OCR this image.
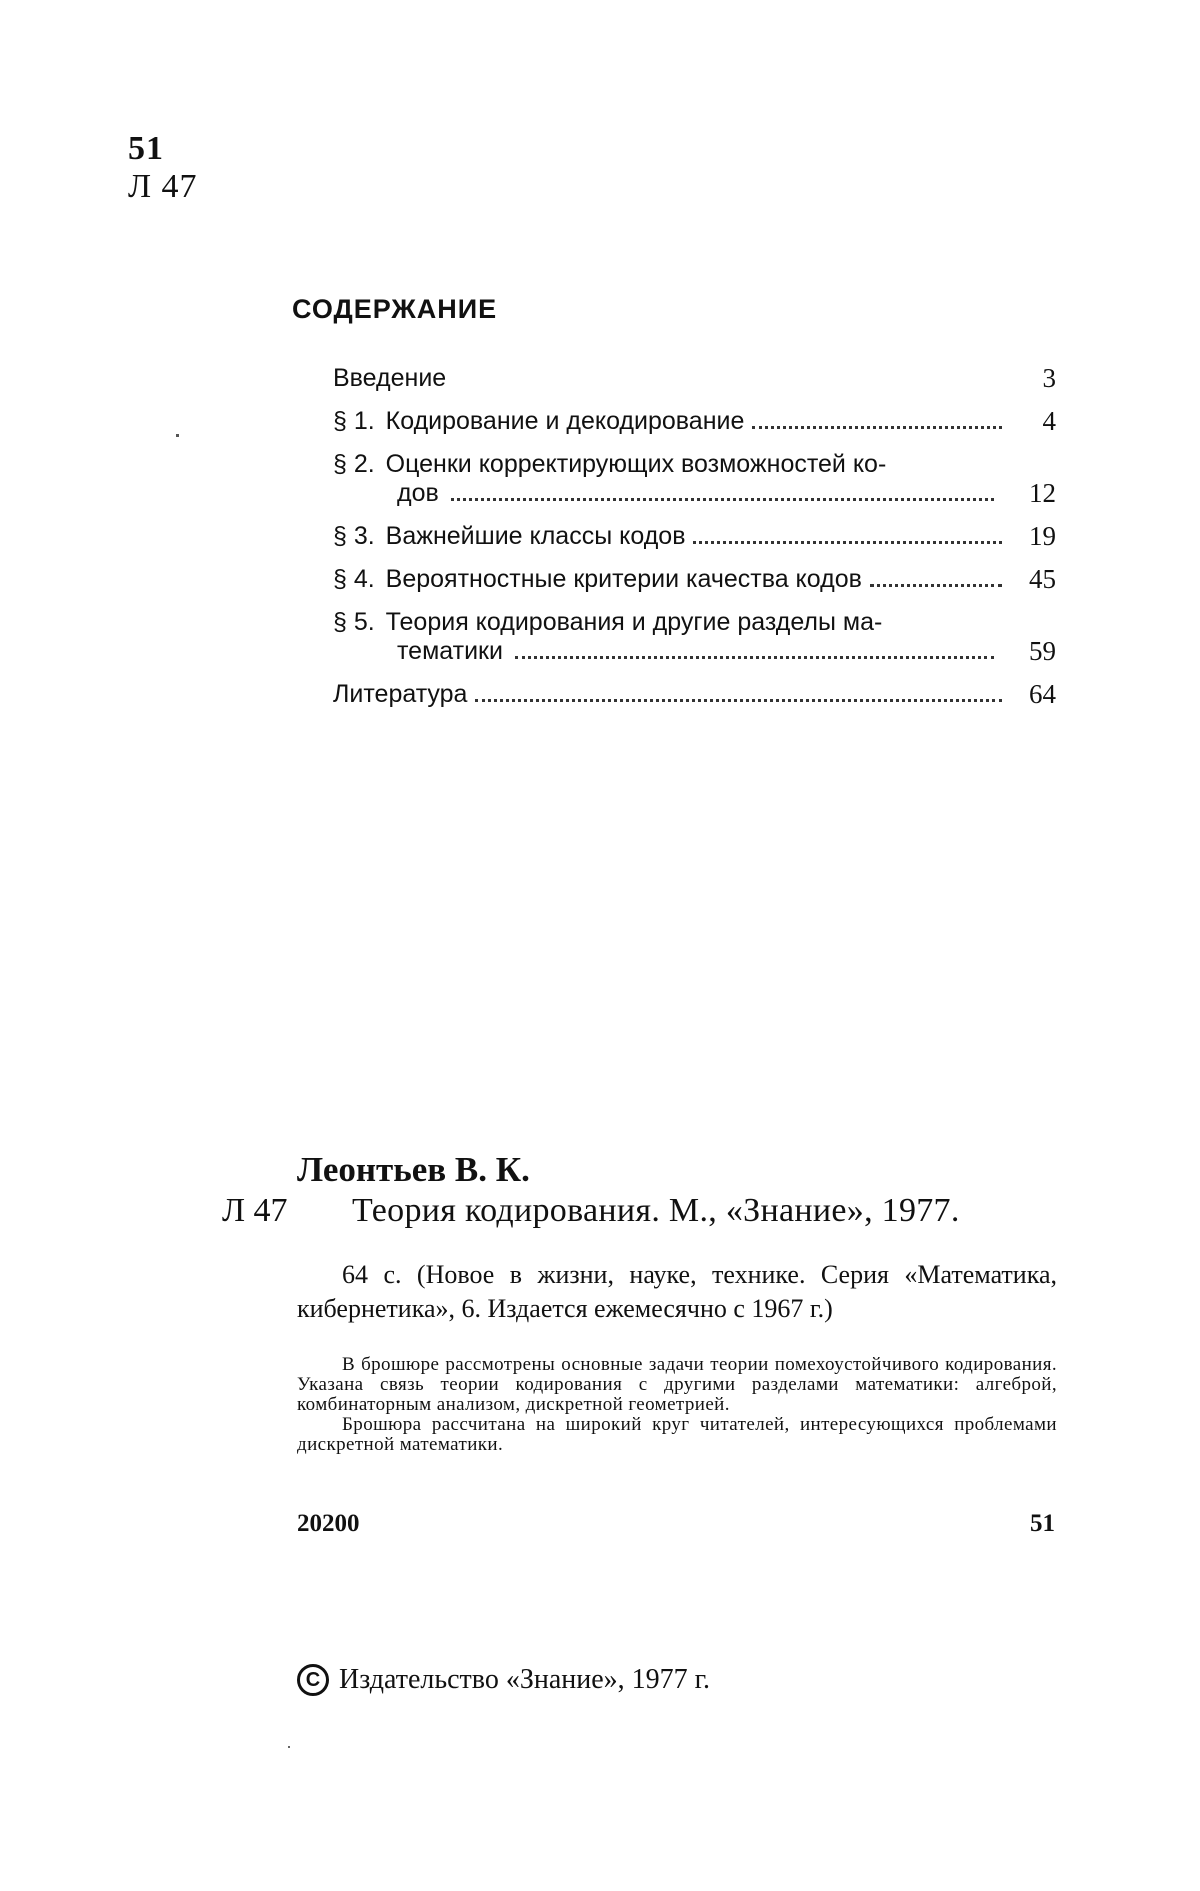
51
Л 47
СОДЕРЖАНИЕ
Введение	3
§ 1. Кодирование и декодирование	4
§ 2. Оценки корректирующих возможностей ко-
дов	12
§ 3. Важнейшие классы кодов	19
§ 4. Вероятностные критерии качества кодов	45
§ 5. Теория кодирования и другие разделы ма-
тематики	59
Литература	64
Леонтьев В. К.
Л 47 Теория кодирования. М., «Знание», 1977.
64 с. (Новое в жизни, науке, технике. Серия «Математика, кибернетика», 6. Издается ежемесячно с 1967 г.)

В брошюре рассмотрены основные задачи теории помехоустойчивого кодирования. Указана связь теории кодирования с другими разделами математики: алгеброй, комбинаторным анализом, дискретной геометрией.

Брошюра рассчитана на широкий круг читателей, интересующихся проблемами дискретной математики.

20200	51
C Издательство «Знание», 1977 г.
